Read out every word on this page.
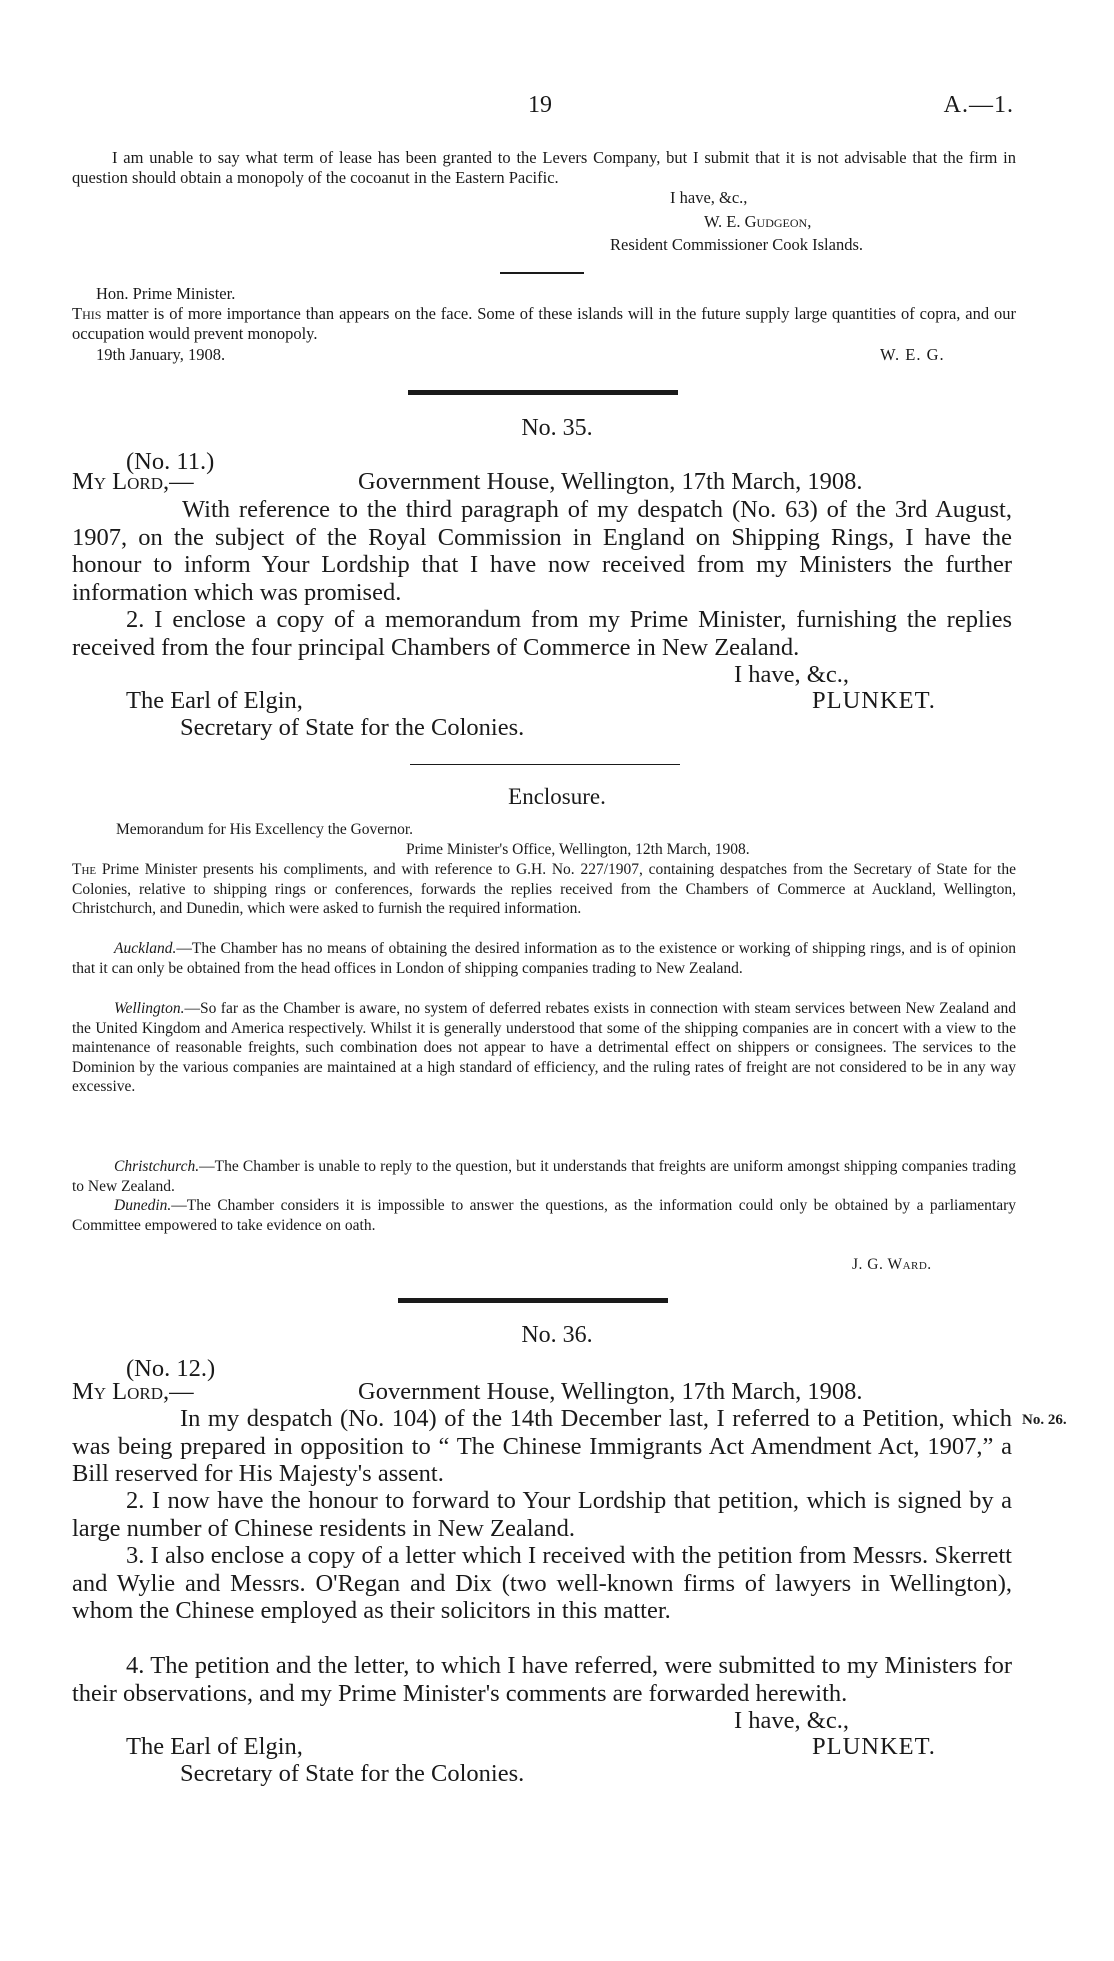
19	A.—1.
I am unable to say what term of lease has been granted to the Levers Company, but I submit that it is not advisable that the firm in question should obtain a monopoly of the cocoanut in the Eastern Pacific.
I have, &c.,
W. E. Gudgeon,
Resident Commissioner Cook Islands.
Hon. Prime Minister.
This matter is of more importance than appears on the face. Some of these islands will in the future supply large quantities of copra, and our occupation would prevent monopoly.
19th January, 1908.	W. E. G.
No. 35.
(No. 11.)
My Lord,—	Government House, Wellington, 17th March, 1908.
With reference to the third paragraph of my despatch (No. 63) of the 3rd August, 1907, on the subject of the Royal Commission in England on Shipping Rings, I have the honour to inform Your Lordship that I have now received from my Ministers the further information which was promised.
2. I enclose a copy of a memorandum from my Prime Minister, furnishing the replies received from the four principal Chambers of Commerce in New Zealand.
I have, &c.,
The Earl of Elgin,	PLUNKET.
Secretary of State for the Colonies.
Enclosure.
Memorandum for His Excellency the Governor.
Prime Minister's Office, Wellington, 12th March, 1908.
The Prime Minister presents his compliments, and with reference to G.H. No. 227/1907, containing despatches from the Secretary of State for the Colonies, relative to shipping rings or conferences, forwards the replies received from the Chambers of Commerce at Auckland, Wellington, Christchurch, and Dunedin, which were asked to furnish the required information.
Auckland.—The Chamber has no means of obtaining the desired information as to the existence or working of shipping rings, and is of opinion that it can only be obtained from the head offices in London of shipping companies trading to New Zealand.
Wellington.—So far as the Chamber is aware, no system of deferred rebates exists in connection with steam services between New Zealand and the United Kingdom and America respectively. Whilst it is generally understood that some of the shipping companies are in concert with a view to the maintenance of reasonable freights, such combination does not appear to have a detrimental effect on shippers or consignees. The services to the Dominion by the various companies are maintained at a high standard of efficiency, and the ruling rates of freight are not considered to be in any way excessive.
Christchurch.—The Chamber is unable to reply to the question, but it understands that freights are uniform amongst shipping companies trading to New Zealand.
Dunedin.—The Chamber considers it is impossible to answer the questions, as the information could only be obtained by a parliamentary Committee empowered to take evidence on oath.
J. G. Ward.
No. 36.
(No. 12.)
My Lord,—	Government House, Wellington, 17th March, 1908.
In my despatch (No. 104) of the 14th December last, I referred to a Petition, which was being prepared in opposition to “ The Chinese Immigrants Act Amendment Act, 1907,” a Bill reserved for His Majesty's assent.
No. 26.
2. I now have the honour to forward to Your Lordship that petition, which is signed by a large number of Chinese residents in New Zealand.
3. I also enclose a copy of a letter which I received with the petition from Messrs. Skerrett and Wylie and Messrs. O'Regan and Dix (two well-known firms of lawyers in Wellington), whom the Chinese employed as their solicitors in this matter.
4. The petition and the letter, to which I have referred, were submitted to my Ministers for their observations, and my Prime Minister's comments are forwarded herewith.
I have, &c.,
The Earl of Elgin,	PLUNKET.
Secretary of State for the Colonies.
